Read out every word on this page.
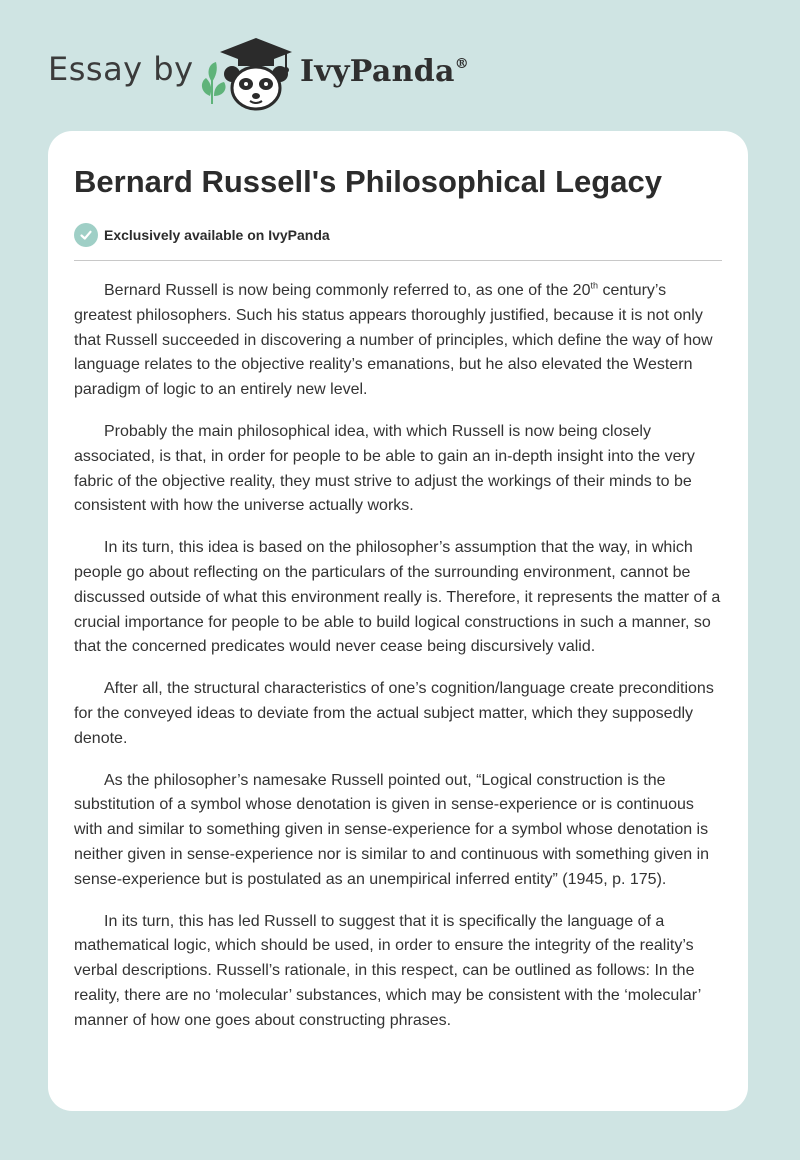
Essay by	IvyPanda®
Bernard Russell's Philosophical Legacy
Exclusively available on IvyPanda

Bernard Russell is now being commonly referred to, as one of the 20th century’s greatest philosophers. Such his status appears thoroughly justified, because it is not only that Russell succeeded in discovering a number of principles, which define the way of how language relates to the objective reality’s emanations, but he also elevated the Western paradigm of logic to an entirely new level.

Probably the main philosophical idea, with which Russell is now being closely associated, is that, in order for people to be able to gain an in-depth insight into the very fabric of the objective reality, they must strive to adjust the workings of their minds to be consistent with how the universe actually works.

In its turn, this idea is based on the philosopher’s assumption that the way, in which people go about reflecting on the particulars of the surrounding environment, cannot be discussed outside of what this environment really is. Therefore, it represents the matter of a crucial importance for people to be able to build logical constructions in such a manner, so that the concerned predicates would never cease being discursively valid.

After all, the structural characteristics of one’s cognition/language create preconditions for the conveyed ideas to deviate from the actual subject matter, which they supposedly denote.

As the philosopher’s namesake Russell pointed out, “Logical construction is the substitution of a symbol whose denotation is given in sense-experience or is continuous with and similar to something given in sense-experience for a symbol whose denotation is neither given in sense-experience nor is similar to and continuous with something given in sense-experience but is postulated as an unempirical inferred entity” (1945, p. 175).

In its turn, this has led Russell to suggest that it is specifically the language of a mathematical logic, which should be used, in order to ensure the integrity of the reality’s verbal descriptions. Russell’s rationale, in this respect, can be outlined as follows: In the reality, there are no ‘molecular’ substances, which may be consistent with the ‘molecular’ manner of how one goes about constructing phrases.
